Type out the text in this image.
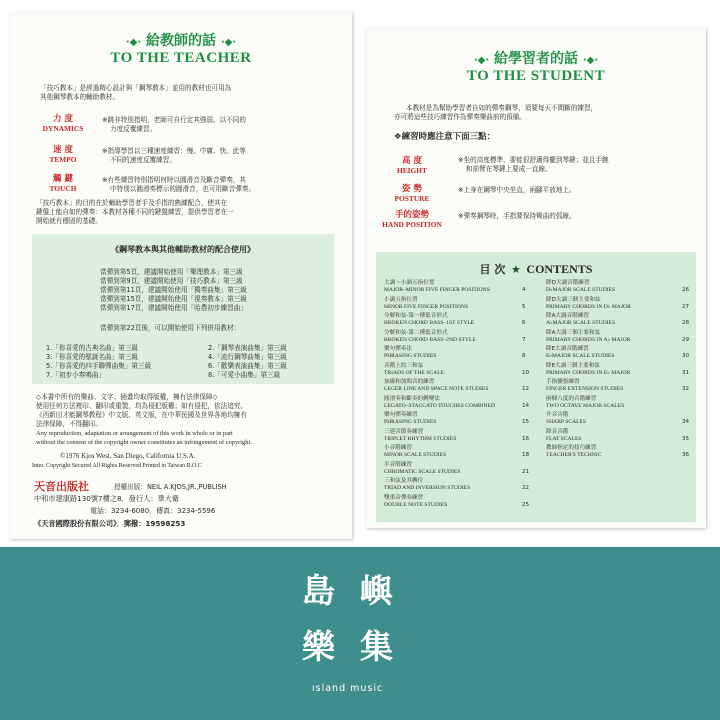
·◆· 給教師的話 ·◆·
TO THE TEACHER
「技巧教本」是經過精心設計與「鋼琴教本」並用的教材也可用為
其他鋼琴教本的輔助教材。
力 度
DYNAMICS
※跳非特別指明，老師可自行定其強弱。以不同的
力度反覆練習。
速 度
TEMPO
※指導學習以三種速度練習：慢、中庸、快。此等
不同的速度反覆練習。
觸 鍵
TOUCH
※有些練習特別指明何時以圓滑音及斷音彈奏，其
中特別以圓滑奏標示的圓滑音，也可用斷音彈奏。
「技巧教本」的目的在於輔助學習者手及手指的熟練配合，使其在
鍵盤上能自如的彈奏：本教材各種不同的鍵盤練習，提供學習者在一
開始就有穩固的基礎。
《鋼琴教本與其他輔助教材的配合使用》
當彈到第5頁，建議開始使用「樂理教本」第三級
當彈到第9頁，建議開始使用「技巧教本」第三級
當彈到第11頁，建議開始使用「獨奏曲集」第三級
當彈到第15頁，建議開始使用「視奏教本」第三級
當彈到第17頁，建議開始使用「哈農初步練習曲」
當彈到第22頁後，可以開始使用下列併用教材：
1.「你喜愛的古典名曲」第三級
3.「你喜愛的聖誕名曲」第三級
5.「你喜愛的四手聯彈曲集」第三級
7.「初步小奏鳴曲」
2.「鋼琴表演曲集」第三級
4.「流行鋼琴曲集」第三級
6.「歡樂表演曲集」第三級
8.「可愛小曲集」第三級
◇本書中所有的樂曲、文字、插畫均取得版權，擁有法律保障◇
使用任何方法複印、翻印或重製，均為侵犯版權；如有侵犯，依法追究。
《西新田才能鋼琴教程》中文版、英文版，在中華民國及世界各地均擁有
法律保障，不得翻印。
Any reproduction, adaptation or arrangement of this work in whole or in part
without the consent of the copyright owner constitutes an infringement of copyright.
©1976 Kjos West, San Diego, California U.S.A.
Inter. Copyright Secured All Rights Reserved Printed in Taiwan R.O.C
天音出版社	授權出版：NEIL A.KJOS,JR.,PUBLISH
中和市建康路130號7樓之8．發行人：華大衛
電話：3234-6080．傳真：3234-5596
《天音國際股份有限公司》．郵撥：19598253
·◆· 給學習者的話 ·◆·
TO THE STUDENT
本教材是為幫助學習者自如的彈奏鋼琴，須要每天不間斷的練習，
亦可將這些技巧練習作為彈奏樂曲前的預備。
❖練習時應注意下面三點：
高 度
HEIGHT
※坐的高度標準，要能很舒適得攏到琴鍵；並且手腕
和前臂在琴鍵上要成一直線。
姿 勢
POSTURE
※上身在鋼琴中央坐直，兩腳平放地上。
手的姿勢
HAND POSITION
※彈奏鋼琴時，手指要保持彎曲的弧線。
目 次 ★ CONTENTS
大調～小調五指位置
MAJOR–MINOR FIVE FINGER POSITIONS	4
小調五指位置
MINOR FIVE FINGER POSITIONS	5
分解和弦-第一種低音形式
BROKEN CHORD BASS–1ST STYLE	6
分解和弦-第二種低音形式
BROKEN CHORD BASS–2ND STYLE	7
樂句彈奏法
PHRASING STUDIES	8
音階上的三和弦
TRIADS OF THE SCALE	10
加線和加間音的練習
LEGER LINE AND SPACE NOTE STUDIES	12
圓滑奏和斷奏的轉變法
LEGATO–STACCATO TOUCHES COMBINED	14
樂句彈奏練習
PHRASING STUDIES	15
三連音節奏練習
TRIPLET RHYTHM STUDIES	16
小音階練習
MINOR SCALE STUDIES	18
半音階練習
CHROMATIC SCALE STUDIES	21
三和弦及其轉位
TRIAD AND INVERSION STUDIES	22
雙重音彈奏練習
DOUBLE NOTE STUDIES	25
降D大調音階練習
D♭MAJOR SCALE STUDIES	26
降D大調三個主要和弦
PRIMARY CHORDS IN D♭ MAJOR	27
降A大調音階練習
A♭MAJOR SCALE STUDIES	28
降A大調三個主要和弦
PRIMARY CHORDS IN A♭ MAJOR	29
降E大調音階練習
E♭MAJOR SCALE STUDIES	30
降E大調三個主要和弦
PRIMARY CHORDS IN E♭ MAJOR	31
手指擴張練習
FINGER EXTENSION STUDIES	32
兩個八度的音階練習
TWO OCTAVE MAJOR SCALES
升音音階
SHARP SCALES	34
降音音階
FLAT SCALES	35
教師指定的技巧練習
TEACHER'S TECHNIC	36
島 嶼
樂 集
ısland music
